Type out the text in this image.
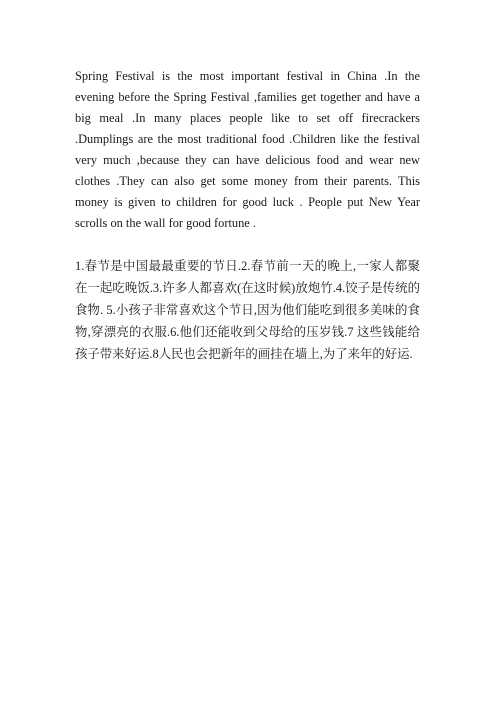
Spring Festival is the most important festival in China .In the evening before the Spring Festival ,families get together and have a big meal .In many places people like to set off firecrackers .Dumplings are the most traditional food .Children like the festival very much ,because they can have delicious food and wear new clothes .They can also get some money from their parents. This money is given to children for good luck . People put New Year scrolls on the wall for good fortune .

1.春节是中国最最重要的节日.2.春节前一天的晚上,一家人都聚在一起吃晚饭.3.许多人都喜欢(在这时候)放炮竹.4.饺子是传统的食物. 5.小孩子非常喜欢这个节日,因为他们能吃到很多美味的食物,穿漂亮的衣服.6.他们还能收到父母给的压岁钱.7 这些钱能给孩子带来好运.8人民也会把新年的画挂在墙上,为了来年的好运.
